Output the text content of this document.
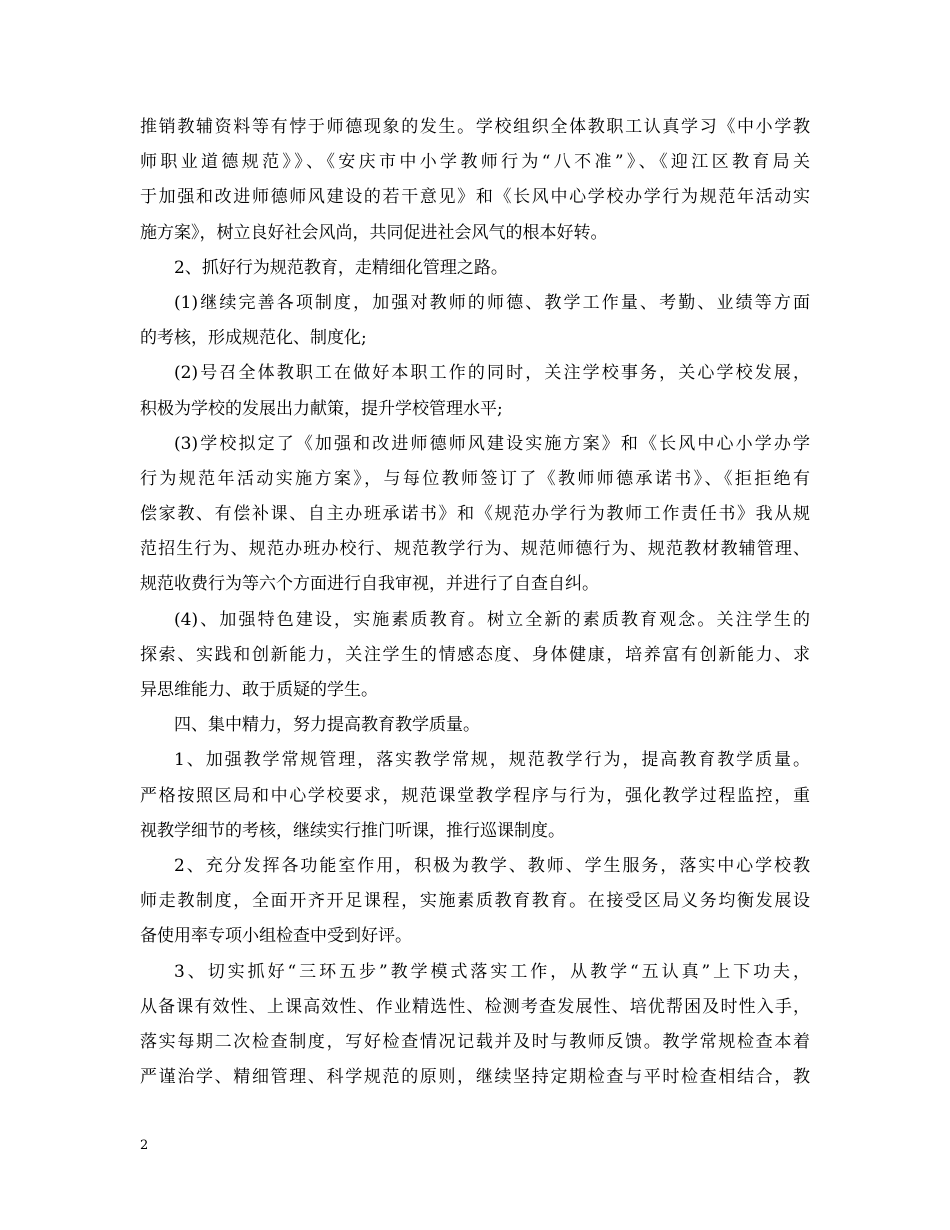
推销教辅资料等有悖于师德现象的发生。学校组织全体教职工认真学习《中小学教
师职业道德规范》》、《安庆市中小学教师行为“八不准”》、《迎江区教育局关
于加强和改进师德师风建设的若干意见》和《长风中心学校办学行为规范年活动实
施方案》，树立良好社会风尚，共同促进社会风气的根本好转。
2、抓好行为规范教育，走精细化管理之路。
(1)继续完善各项制度，加强对教师的师德、教学工作量、考勤、业绩等方面
的考核，形成规范化、制度化;
(2)号召全体教职工在做好本职工作的同时，关注学校事务，关心学校发展，
积极为学校的发展出力献策，提升学校管理水平;
(3)学校拟定了《加强和改进师德师风建设实施方案》和《长风中心小学办学
行为规范年活动实施方案》，与每位教师签订了《教师师德承诺书》、《拒拒绝有
偿家教、有偿补课、自主办班承诺书》和《规范办学行为教师工作责任书》我从规
范招生行为、规范办班办校行、规范教学行为、规范师德行为、规范教材教辅管理、
规范收费行为等六个方面进行自我审视，并进行了自查自纠。
(4)、加强特色建设，实施素质教育。树立全新的素质教育观念。关注学生的
探索、实践和创新能力，关注学生的情感态度、身体健康，培养富有创新能力、求
异思维能力、敢于质疑的学生。
四、集中精力，努力提高教育教学质量。
1、加强教学常规管理，落实教学常规，规范教学行为，提高教育教学质量。
严格按照区局和中心学校要求，规范课堂教学程序与行为，强化教学过程监控，重
视教学细节的考核，继续实行推门听课，推行巡课制度。
2、充分发挥各功能室作用，积极为教学、教师、学生服务，落实中心学校教
师走教制度，全面开齐开足课程，实施素质教育教育。在接受区局义务均衡发展设
备使用率专项小组检查中受到好评。
3、切实抓好“三环五步”教学模式落实工作，从教学“五认真”上下功夫，
从备课有效性、上课高效性、作业精选性、检测考查发展性、培优帮困及时性入手，
落实每期二次检查制度，写好检查情况记载并及时与教师反馈。教学常规检查本着
严谨治学、精细管理、科学规范的原则，继续坚持定期检查与平时检查相结合，教
2
